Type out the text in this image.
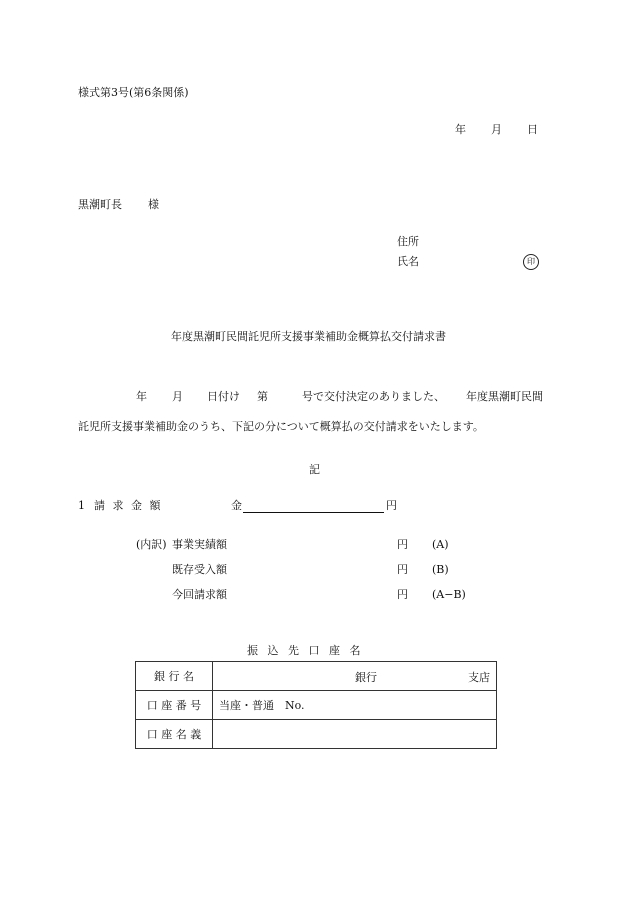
様式第3号(第6条関係)
年 月 日
黒潮町長 様
住所
氏名	印
年度黒潮町民間託児所支援事業補助金概算払交付請求書
年 月 日付け 第	号で交付決定のありました、 年度黒潮町民間
託児所支援事業補助金のうち、下記の分について概算払の交付請求をいたします。
記
1 請 求 金 額	金	円
(内訳) 事業実績額	円 (A)
既存受入額	円 (B)
今回請求額	円 (A−B)
振 込 先 口 座 名
銀 行 名	銀行 支店

口 座 番 号	当座・普通　No.
口 座 名 義	
